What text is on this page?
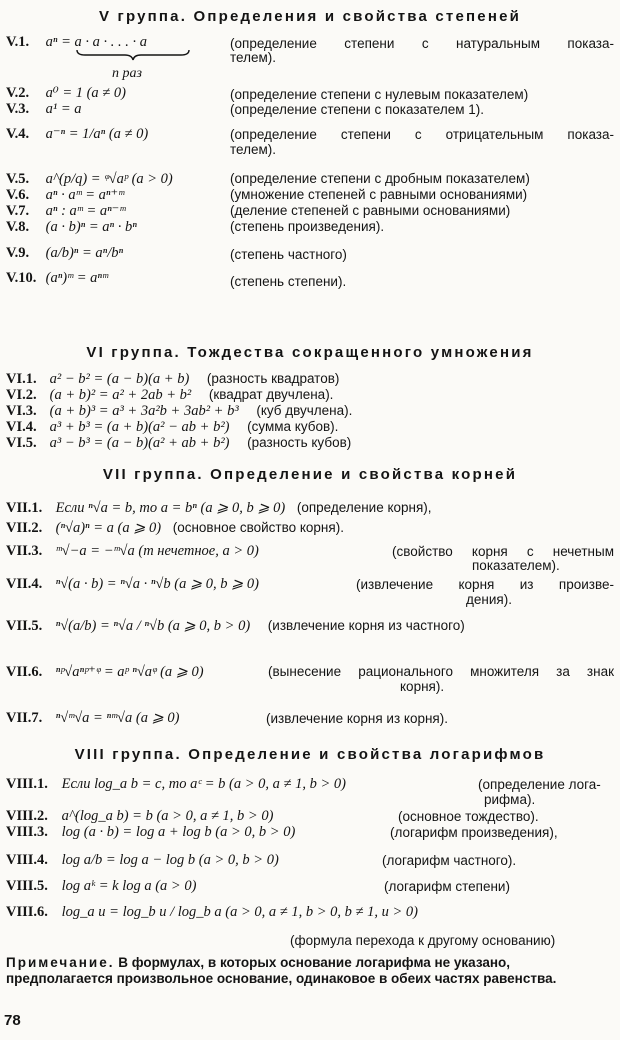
V группа. Определения и свойства степеней
V.1. aⁿ = a · a · . . . · a
n раз
(определение степени с натуральным показа-
телем).
V.2. a⁰ = 1 (a ≠ 0)	(определение степени с нулевым показателем)
V.3. a¹ = a	(определение степени с показателем 1).
V.4. a⁻ⁿ = 1/aⁿ (a ≠ 0)	(определение степени с отрицательным показа-
телем).
V.5. a^(p/q) = ᵠ√aᵖ (a > 0)	(определение степени с дробным показателем)
V.6. aⁿ · aᵐ = aⁿ⁺ᵐ	(умножение степеней с равными основаниями)
V.7. aⁿ : aᵐ = aⁿ⁻ᵐ	(деление степеней с равными основаниями)
V.8. (a · b)ⁿ = aⁿ · bⁿ	(степень произведения).
V.9. (a/b)ⁿ = aⁿ/bⁿ	(степень частного)
V.10. (aⁿ)ᵐ = aⁿᵐ	(степень степени).
VI группа. Тождества сокращенного умножения
VI.1. a² − b² = (a − b)(a + b) (разность квадратов)
VI.2. (a + b)² = a² + 2ab + b² (квадрат двучлена).
VI.3. (a + b)³ = a³ + 3a²b + 3ab² + b³ (куб двучлена).
VI.4. a³ + b³ = (a + b)(a² − ab + b²) (сумма кубов).
VI.5. a³ − b³ = (a − b)(a² + ab + b²) (разность кубов)
VII группа. Определение и свойства корней
VII.1. Если ⁿ√a = b, то a = bⁿ (a ⩾ 0, b ⩾ 0) (определение корня),
VII.2. (ⁿ√a)ⁿ = a (a ⩾ 0) (основное свойство корня).
VII.3. ᵐ√−a = −ᵐ√a (m нечетное, a > 0)	(свойство корня с нечетным
показателем).
VII.4. ⁿ√(a · b) = ⁿ√a · ⁿ√b (a ⩾ 0, b ⩾ 0)	(извлечение корня из произве-
дения).
VII.5. ⁿ√(a/b) = ⁿ√a / ⁿ√b (a ⩾ 0, b > 0) (извлечение корня из частного)
VII.6. ⁿᵖ√aⁿᵖ⁺ᵠ = aᵖ ⁿ√aᵠ (a ⩾ 0)	(вынесение рационального множителя за знак
корня).
VII.7. ⁿ√ᵐ√a = ⁿᵐ√a (a ⩾ 0)	(извлечение корня из корня).
VIII группа. Определение и свойства логарифмов
VIII.1. Если log_a b = c, то aᶜ = b (a > 0, a ≠ 1, b > 0)	(определение лога-
рифма).
VIII.2. a^(log_a b) = b (a > 0, a ≠ 1, b > 0)	(основное тождество).
VIII.3. log (a · b) = log a + log b (a > 0, b > 0)	(логарифм произведения),
VIII.4. log a/b = log a − log b (a > 0, b > 0)	(логарифм частного).
VIII.5. log aᵏ = k log a (a > 0)	(логарифм степени)
VIII.6. log_a u = log_b u / log_b a (a > 0, a ≠ 1, b > 0, b ≠ 1, u > 0)
(формула перехода к другому основанию)
Примечание. В формулах, в которых основание логарифма не указано, предполагается произвольное основание, одинаковое в обеих частях равенства.
78
